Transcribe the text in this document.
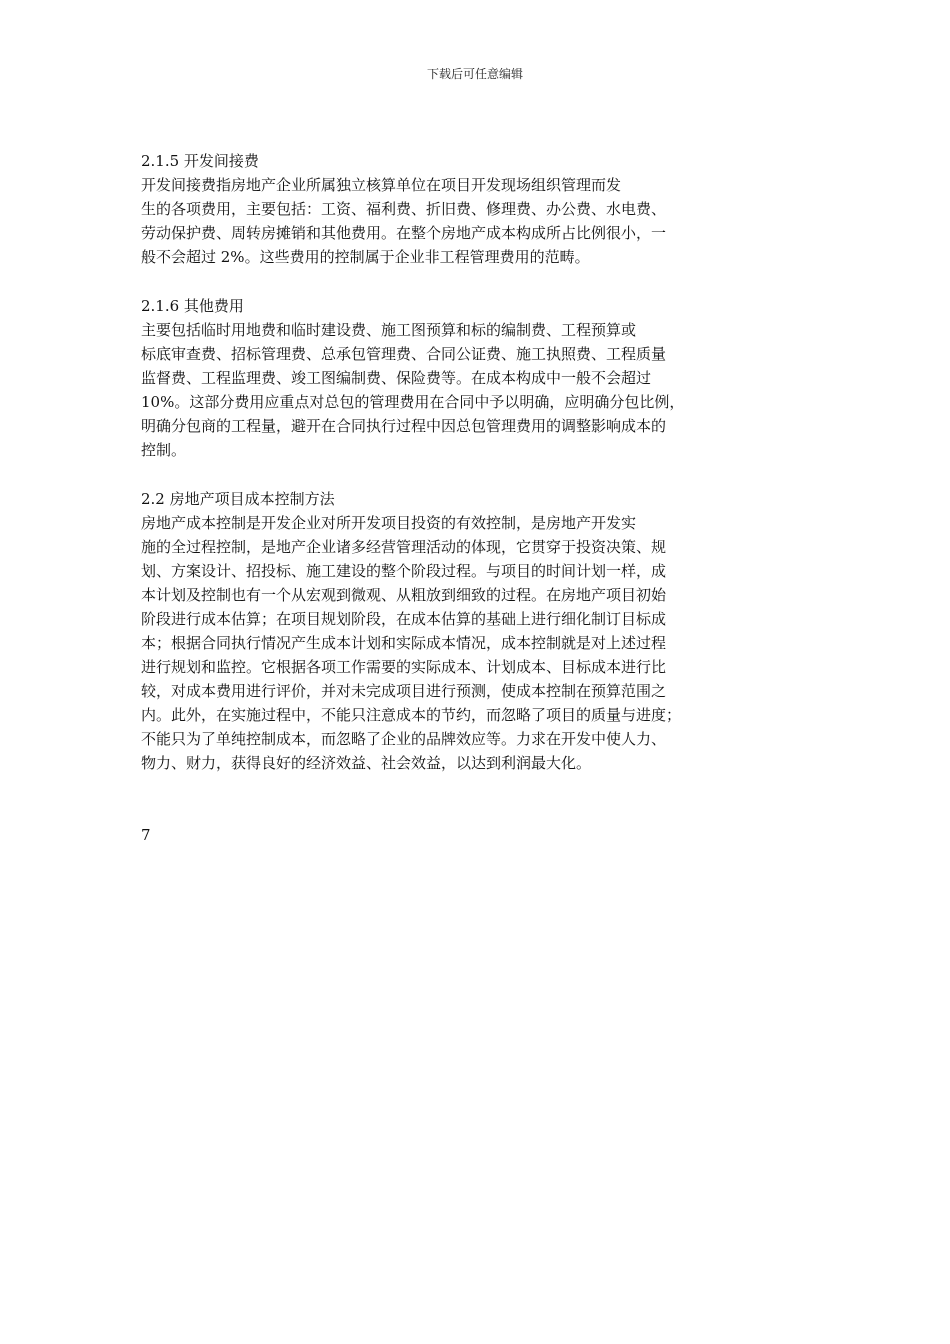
下载后可任意编辑
2.1.5 开发间接费
开发间接费指房地产企业所属独立核算单位在项目开发现场组织管理而发
生的各项费用，主要包括：工资、福利费、折旧费、修理费、办公费、水电费、
劳动保护费、周转房摊销和其他费用。在整个房地产成本构成所占比例很小，一
般不会超过 2%。这些费用的控制属于企业非工程管理费用的范畴。
2.1.6 其他费用
主要包括临时用地费和临时建设费、施工图预算和标的编制费、工程预算或
标底审查费、招标管理费、总承包管理费、合同公证费、施工执照费、工程质量
监督费、工程监理费、竣工图编制费、保险费等。在成本构成中一般不会超过
10%。这部分费用应重点对总包的管理费用在合同中予以明确，应明确分包比例，
明确分包商的工程量，避开在合同执行过程中因总包管理费用的调整影响成本的
控制。
2.2 房地产项目成本控制方法
房地产成本控制是开发企业对所开发项目投资的有效控制，是房地产开发实
施的全过程控制，是地产企业诸多经营管理活动的体现，它贯穿于投资决策、规
划、方案设计、招投标、施工建设的整个阶段过程。与项目的时间计划一样，成
本计划及控制也有一个从宏观到微观、从粗放到细致的过程。在房地产项目初始
阶段进行成本估算；在项目规划阶段，在成本估算的基础上进行细化制订目标成
本；根据合同执行情况产生成本计划和实际成本情况，成本控制就是对上述过程
进行规划和监控。它根据各项工作需要的实际成本、计划成本、目标成本进行比
较，对成本费用进行评价，并对未完成项目进行预测，使成本控制在预算范围之
内。此外，在实施过程中，不能只注意成本的节约，而忽略了项目的质量与进度；
不能只为了单纯控制成本，而忽略了企业的品牌效应等。力求在开发中使人力、
物力、财力，获得良好的经济效益、社会效益，以达到利润最大化。
7
